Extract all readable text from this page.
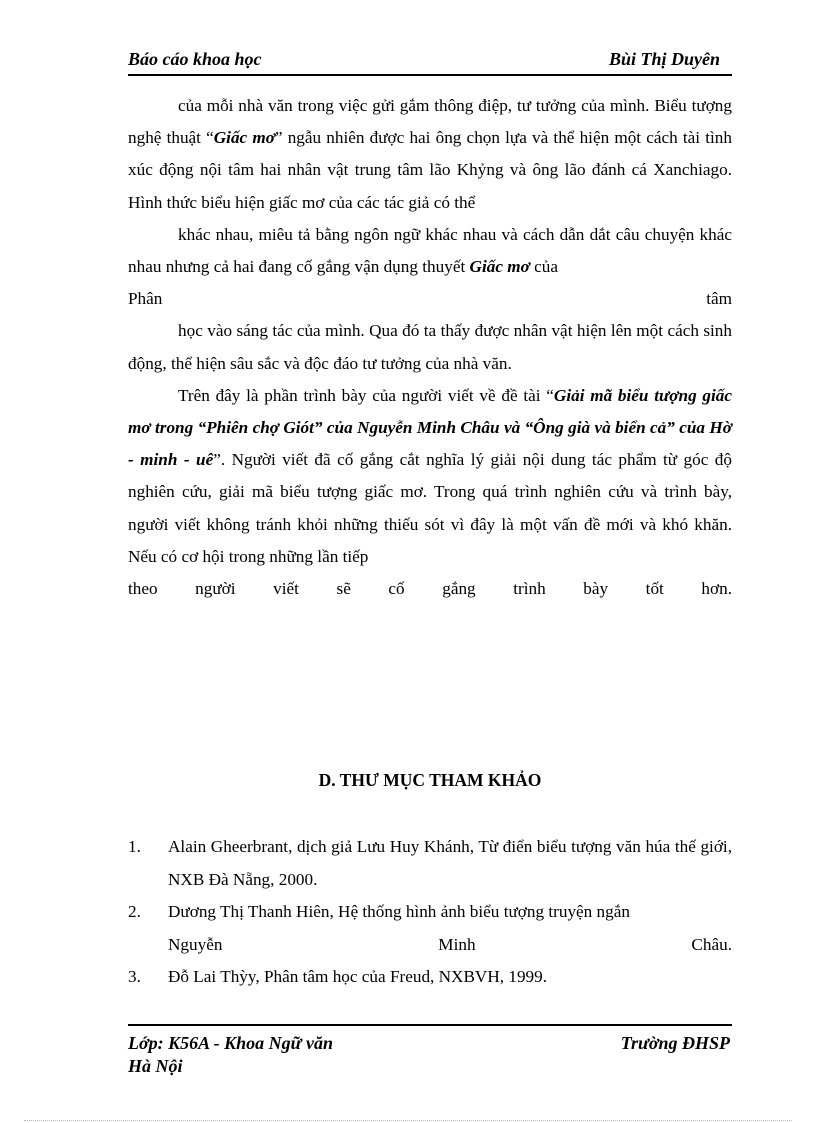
Báo cáo khoa học	Bùi Thị Duyên

của mỗi nhà văn trong việc gửi gắm thông điệp, tư tưởng của mình. Biểu tượng nghệ thuật “Giấc mơ” ngẫu nhiên được hai ông chọn lựa và thể hiện một cách tài tình xúc động nội tâm hai nhân vật trung tâm lão Khỷng và ông lão đánh cá Xanchiago. Hình thức biểu hiện giấc mơ của các tác giả có thể

khác nhau, miêu tả bằng ngôn ngữ khác nhau và cách dẫn dắt câu chuyện khác nhau nhưng cả hai đang cố gắng vận dụng thuyết Giấc mơ của

Phân tâm

học vào sáng tác của mình. Qua đó ta thấy được nhân vật hiện lên một cách sinh động, thể hiện sâu sắc và độc đáo tư tưởng của nhà văn.

Trên đây là phần trình bày của người viết về đề tài “Giải mã biểu tượng giấc mơ trong “Phiên chợ Giót” của Nguyễn Minh Châu và “Ông già và biển cả” của Hờ - minh - uê”. Người viết đã cố gắng cắt nghĩa lý giải nội dung tác phẩm từ góc độ nghiên cứu, giải mã biểu tượng giấc mơ. Trong quá trình nghiên cứu và trình bày, người viết không tránh khỏi những thiếu sót vì đây là một vấn đề mới và khó khăn. Nếu có cơ hội trong những lần tiếp

theo người viết sẽ cố gắng trình bày tốt hơn.

D. THƯ MỤC THAM KHẢO
1. Alain Gheerbrant, dịch giả Lưu Huy Khánh, Từ điển biểu tượng văn húa thế giới, NXB Đà Nẵng, 2000.
2. Dương Thị Thanh Hiên, Hệ thống hình ảnh biểu tượng truyện ngắn
Nguyễn Minh Châu.
3. Đỗ Lai Thỳy, Phân tâm học của Freud, NXBVH, 1999.
Lớp: K56A - Khoa Ngữ văn
Hà Nội
Trường ĐHSP
